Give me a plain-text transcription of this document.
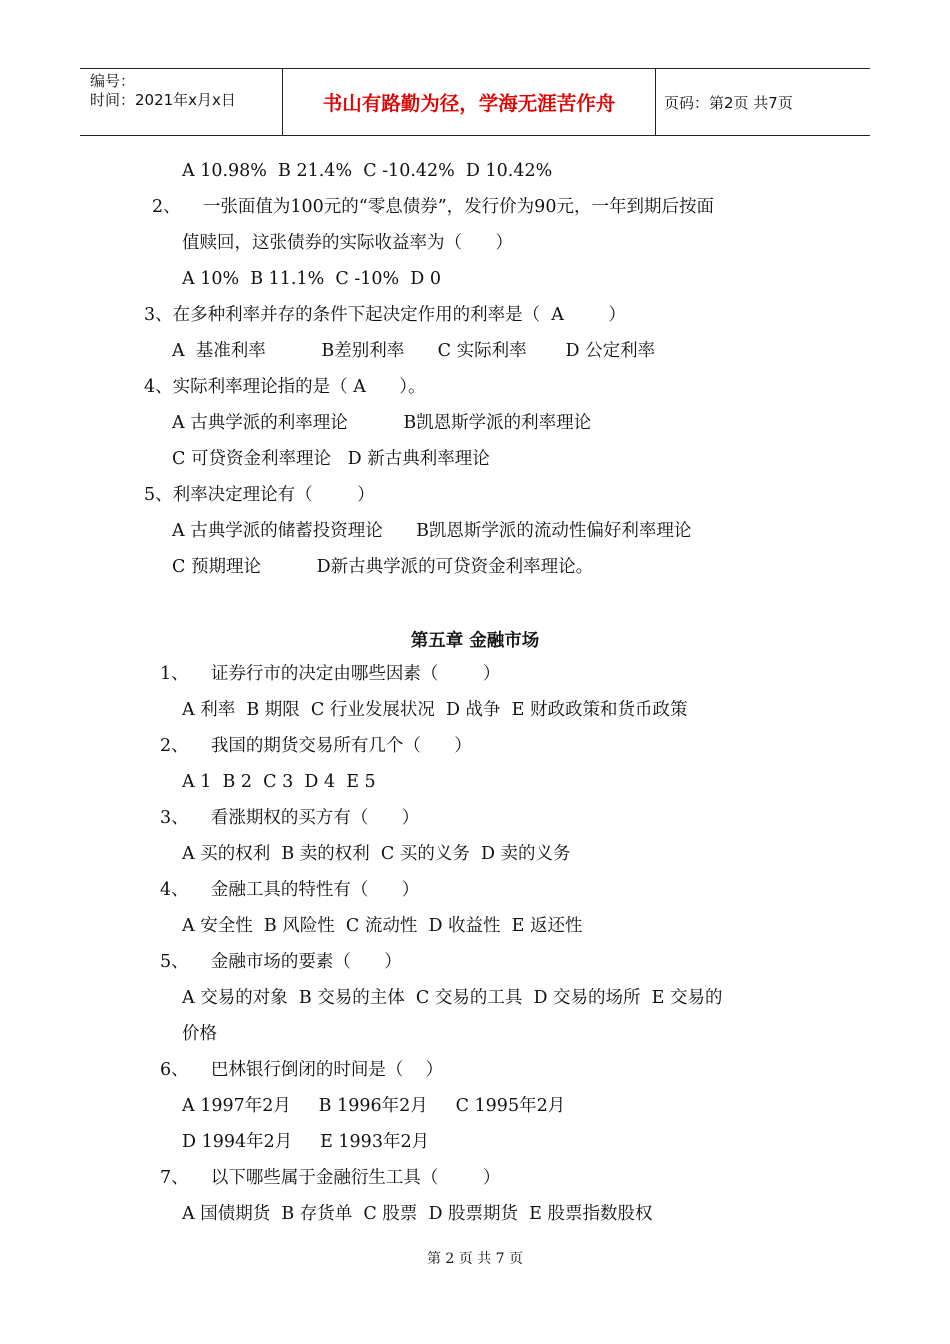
编号：
时间：2021年x月x日	书山有路勤为径，学海无涯苦作舟	页码：第2页 共7页
A 10.98%  B 21.4%  C -10.42%  D 10.42%
2、    一张面值为100元的“零息债券”，发行价为90元，一年到期后按面
值赎回，这张债券的实际收益率为（      ）
A 10%  B 11.1%  C -10%  D 0
3、在多种利率并存的条件下起决定作用的利率是（  A        ）
A  基准利率          B差别利率      C 实际利率       D 公定利率
4、实际利率理论指的是（ A      ）。
A 古典学派的利率理论          B凯恩斯学派的利率理论
C 可贷资金利率理论   D 新古典利率理论
5、利率决定理论有（        ）
A 古典学派的储蓄投资理论      B凯恩斯学派的流动性偏好利率理论
C 预期理论          D新古典学派的可贷资金利率理论。
第五章 金融市场
1、    证券行市的决定由哪些因素（        ）
A 利率  B 期限  C 行业发展状况  D 战争  E 财政政策和货币政策
2、    我国的期货交易所有几个（      ）
A 1  B 2  C 3  D 4  E 5
3、    看涨期权的买方有（      ）
A 买的权利  B 卖的权利  C 买的义务  D 卖的义务
4、    金融工具的特性有（      ）
A 安全性  B 风险性  C 流动性  D 收益性  E 返还性
5、    金融市场的要素（      ）
A 交易的对象  B 交易的主体  C 交易的工具  D 交易的场所  E 交易的
价格
6、    巴林银行倒闭的时间是（    ）
A 1997年2月     B 1996年2月     C 1995年2月
D 1994年2月     E 1993年2月
7、    以下哪些属于金融衍生工具（        ）
A 国债期货  B 存货单  C 股票  D 股票期货  E 股票指数股权
第 2 页 共 7 页
